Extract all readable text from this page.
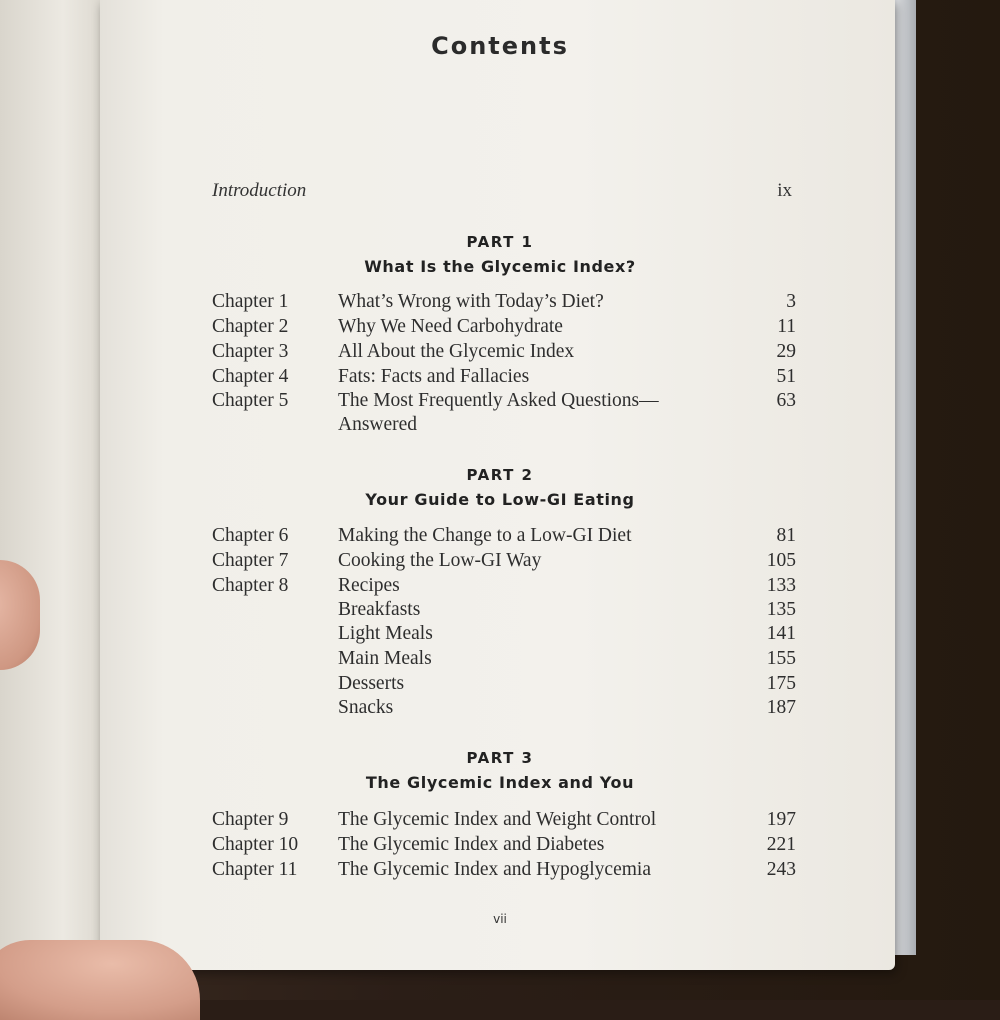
Contents
Introduction	ix
PART 1
What Is the Glycemic Index?
Chapter 1	What’s Wrong with Today’s Diet?	3
Chapter 2	Why We Need Carbohydrate	11
Chapter 3	All About the Glycemic Index	29
Chapter 4	Fats: Facts and Fallacies	51
Chapter 5	The Most Frequently Asked Questions—	63
Answered
PART 2
Your Guide to Low-GI Eating
Chapter 6	Making the Change to a Low-GI Diet	81
Chapter 7	Cooking the Low-GI Way	105
Chapter 8	Recipes	133
Breakfasts	135
Light Meals	141
Main Meals	155
Desserts	175
Snacks	187
PART 3
The Glycemic Index and You
Chapter 9	The Glycemic Index and Weight Control	197
Chapter 10 The Glycemic Index and Diabetes	221
Chapter 11 The Glycemic Index and Hypoglycemia	243
vii
